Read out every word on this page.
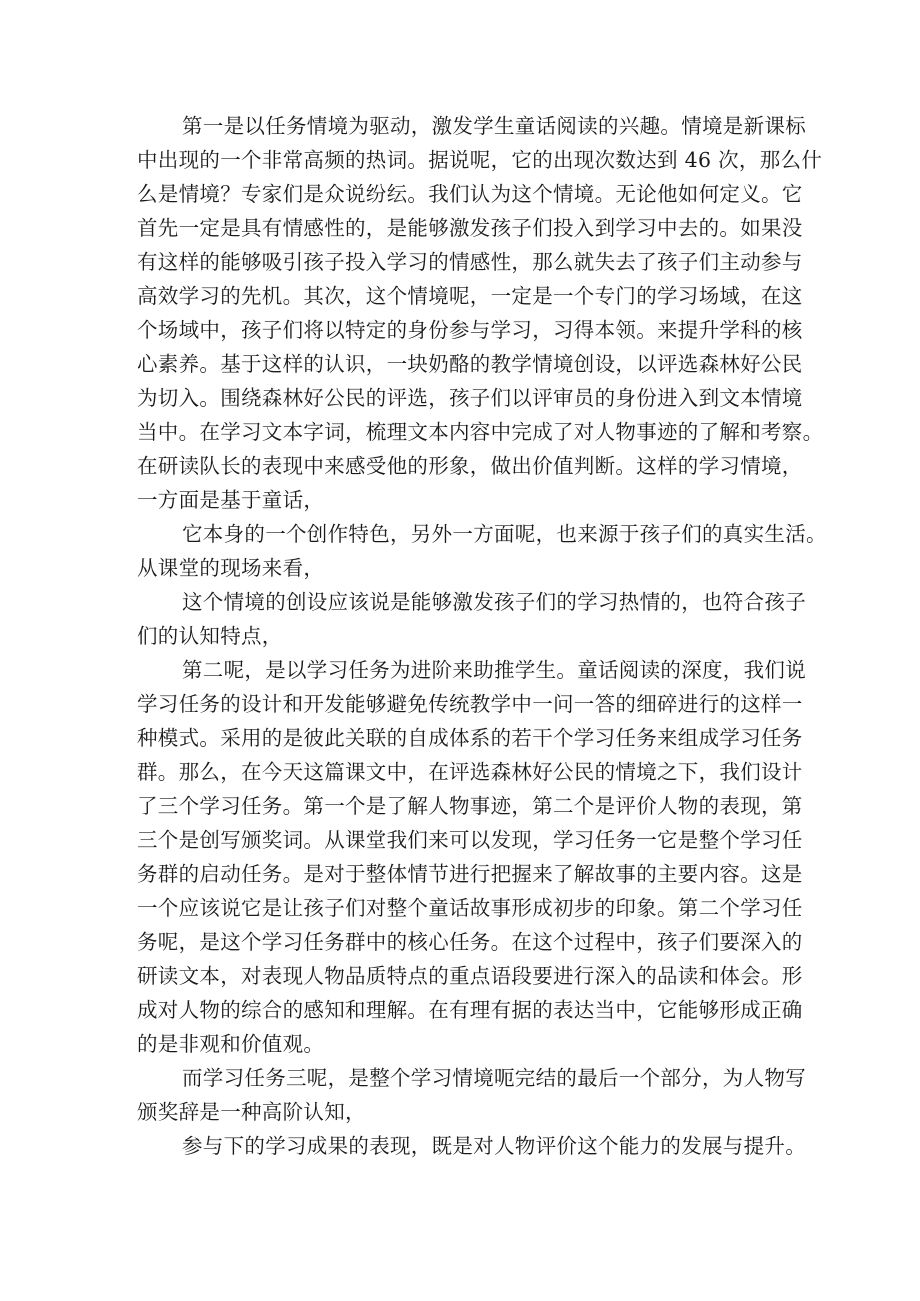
第一是以任务情境为驱动，激发学生童话阅读的兴趣。情境是新课标
中出现的一个非常高频的热词。据说呢，它的出现次数达到 46 次，那么什
么是情境？专家们是众说纷纭。我们认为这个情境。无论他如何定义。它
首先一定是具有情感性的，是能够激发孩子们投入到学习中去的。如果没
有这样的能够吸引孩子投入学习的情感性，那么就失去了孩子们主动参与
高效学习的先机。其次，这个情境呢，一定是一个专门的学习场域，在这
个场域中，孩子们将以特定的身份参与学习，习得本领。来提升学科的核
心素养。基于这样的认识，一块奶酪的教学情境创设，以评选森林好公民
为切入。围绕森林好公民的评选，孩子们以评审员的身份进入到文本情境
当中。在学习文本字词，梳理文本内容中完成了对人物事迹的了解和考察。
在研读队长的表现中来感受他的形象，做出价值判断。这样的学习情境，
一方面是基于童话，
它本身的一个创作特色，另外一方面呢，也来源于孩子们的真实生活。
从课堂的现场来看，
这个情境的创设应该说是能够激发孩子们的学习热情的，也符合孩子
们的认知特点，
第二呢，是以学习任务为进阶来助推学生。童话阅读的深度，我们说
学习任务的设计和开发能够避免传统教学中一问一答的细碎进行的这样一
种模式。采用的是彼此关联的自成体系的若干个学习任务来组成学习任务
群。那么，在今天这篇课文中，在评选森林好公民的情境之下，我们设计
了三个学习任务。第一个是了解人物事迹，第二个是评价人物的表现，第
三个是创写颁奖词。从课堂我们来可以发现，学习任务一它是整个学习任
务群的启动任务。是对于整体情节进行把握来了解故事的主要内容。这是
一个应该说它是让孩子们对整个童话故事形成初步的印象。第二个学习任
务呢，是这个学习任务群中的核心任务。在这个过程中，孩子们要深入的
研读文本，对表现人物品质特点的重点语段要进行深入的品读和体会。形
成对人物的综合的感知和理解。在有理有据的表达当中，它能够形成正确
的是非观和价值观。
而学习任务三呢，是整个学习情境呃完结的最后一个部分，为人物写
颁奖辞是一种高阶认知，
参与下的学习成果的表现，既是对人物评价这个能力的发展与提升。
